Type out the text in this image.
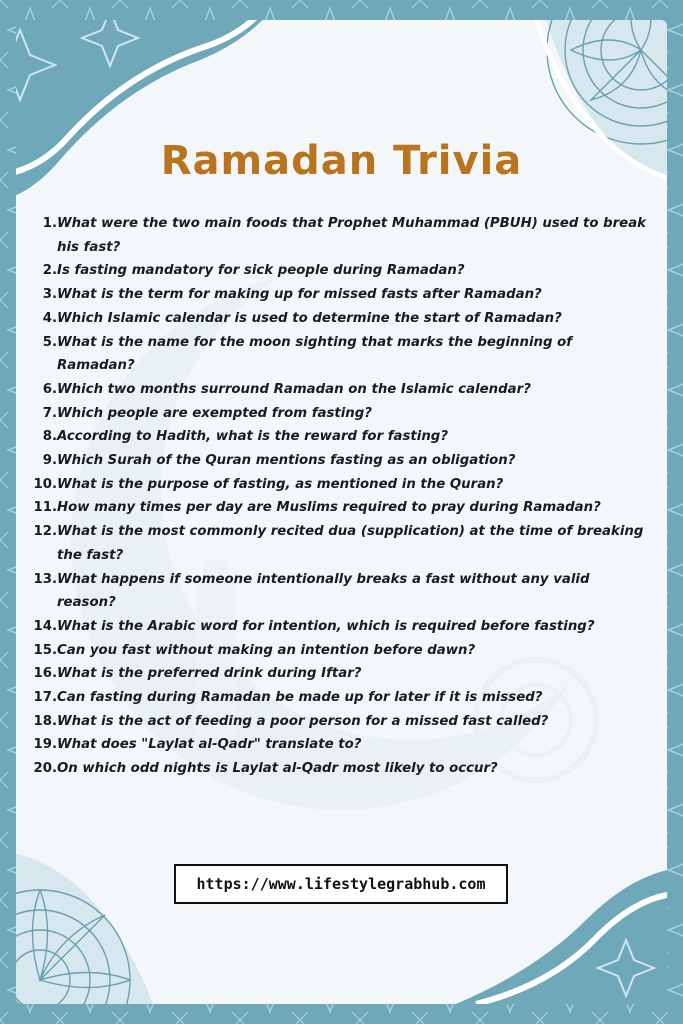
Ramadan Trivia
1. What were the two main foods that Prophet Muhammad (PBUH) used to break his fast?
2. Is fasting mandatory for sick people during Ramadan?
3. What is the term for making up for missed fasts after Ramadan?
4. Which Islamic calendar is used to determine the start of Ramadan?
5. What is the name for the moon sighting that marks the beginning of Ramadan?
6. Which two months surround Ramadan on the Islamic calendar?
7. Which people are exempted from fasting?
8. According to Hadith, what is the reward for fasting?
9. Which Surah of the Quran mentions fasting as an obligation?
10. What is the purpose of fasting, as mentioned in the Quran?
11. How many times per day are Muslims required to pray during Ramadan?
12. What is the most commonly recited dua (supplication) at the time of breaking the fast?
13. What happens if someone intentionally breaks a fast without any valid reason?
14. What is the Arabic word for intention, which is required before fasting?
15. Can you fast without making an intention before dawn?
16. What is the preferred drink during Iftar?
17. Can fasting during Ramadan be made up for later if it is missed?
18. What is the act of feeding a poor person for a missed fast called?
19. What does "Laylat al-Qadr" translate to?
20. On which odd nights is Laylat al-Qadr most likely to occur?
https://www.lifestylegrabhub.com
